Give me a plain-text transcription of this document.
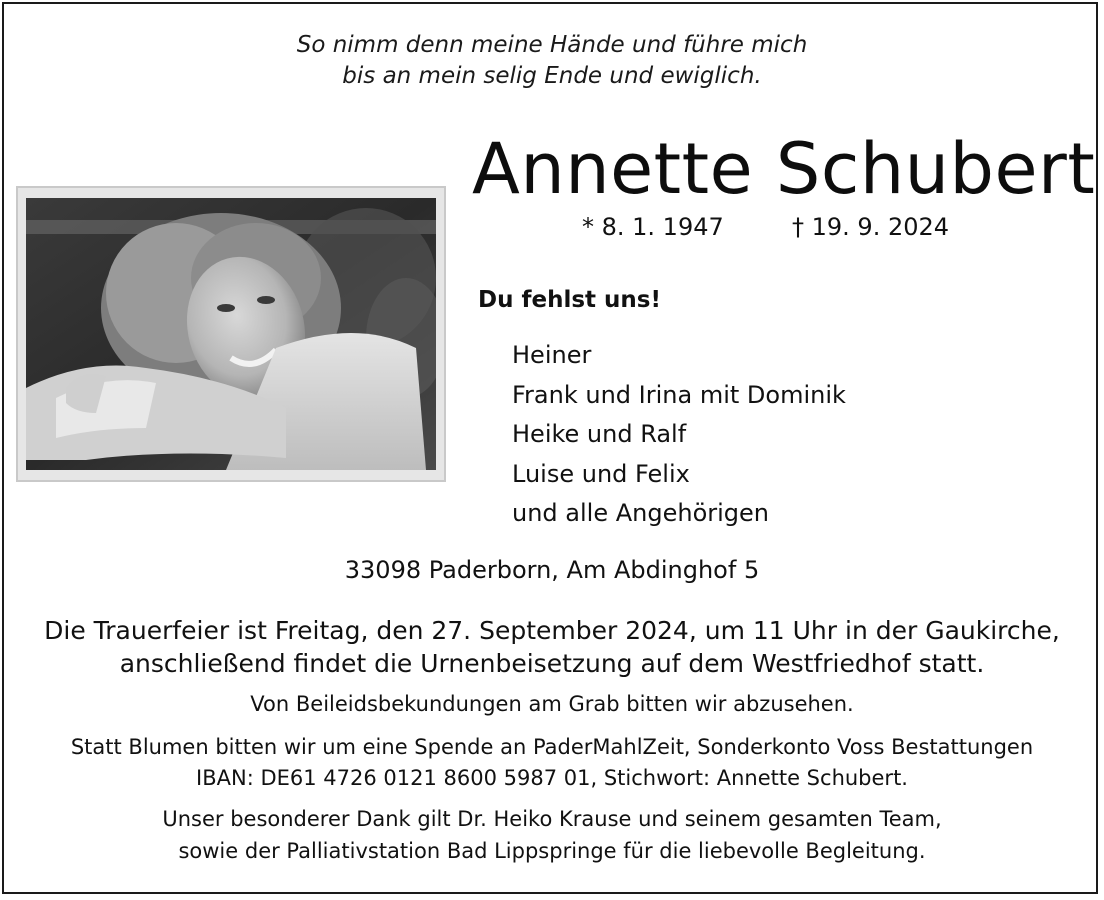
So nimm denn meine Hände und führe mich
bis an mein selig Ende und ewiglich.
Annette Schubert
* 8. 1. 1947	† 19. 9. 2024
Du fehlst uns!
Heiner
Frank und Irina mit Dominik
Heike und Ralf
Luise und Felix
und alle Angehörigen
33098 Paderborn, Am Abdinghof 5
Die Trauerfeier ist Freitag, den 27. September 2024, um 11 Uhr in der Gaukirche,
anschließend findet die Urnenbeisetzung auf dem Westfriedhof statt.
Von Beileidsbekundungen am Grab bitten wir abzusehen.
Statt Blumen bitten wir um eine Spende an PaderMahlZeit, Sonderkonto Voss Bestattungen
IBAN: DE61 4726 0121 8600 5987 01, Stichwort: Annette Schubert.
Unser besonderer Dank gilt Dr. Heiko Krause und seinem gesamten Team,
sowie der Palliativstation Bad Lippspringe für die liebevolle Begleitung.
